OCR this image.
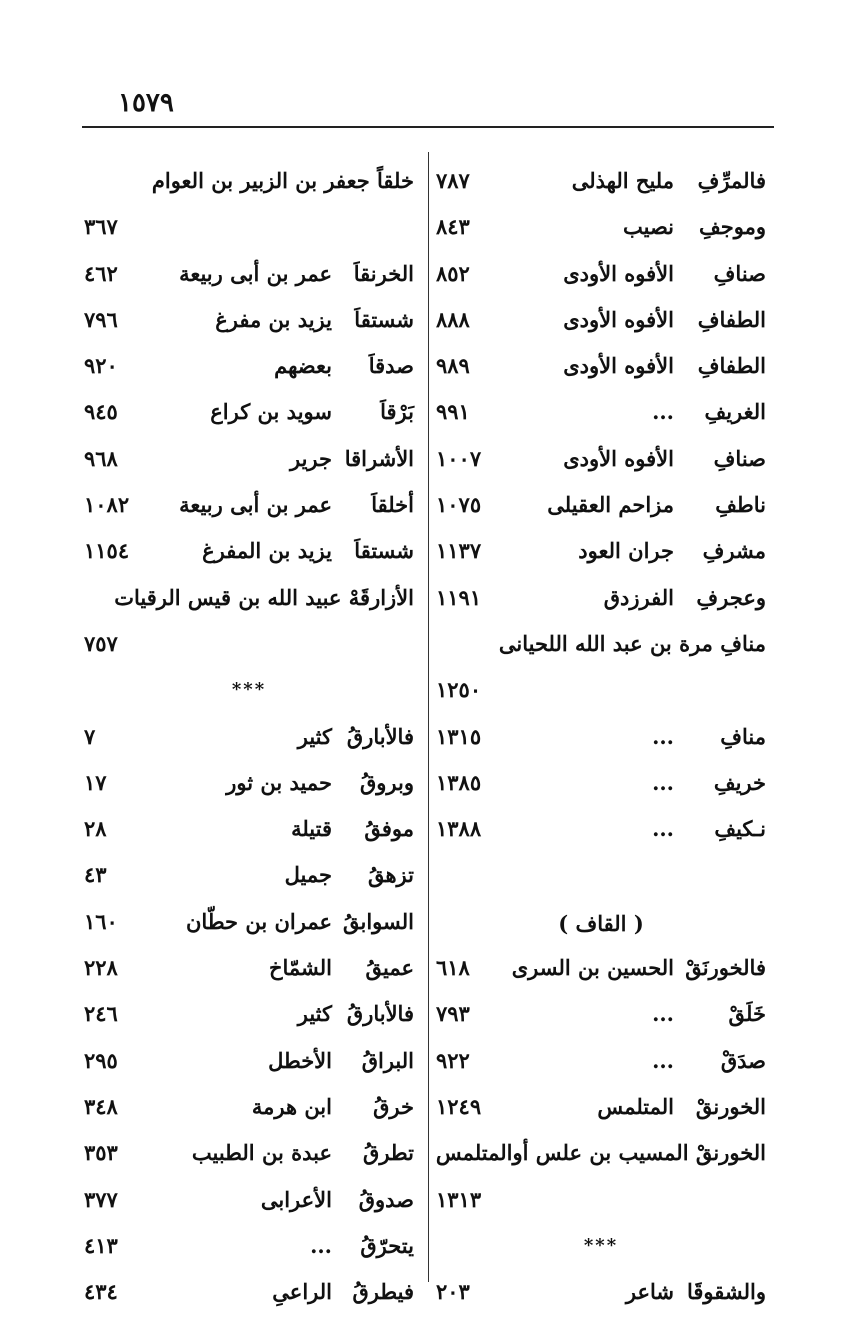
١٥٧٩
فالمرِّفِ
مليح الهذلى
٧٨٧
وموجفِ
نصيب
٨٤٣
صنافِ
الأفوه الأودى
٨٥٢
الطفافِ
الأفوه الأودى
٨٨٨
الطفافِ
الأفوه الأودى
٩٨٩
الغريفِ
...
٩٩١
صنافِ
الأفوه الأودى
١٠٠٧
ناطفِ
مزاحم العقيلى
١٠٧٥
مشرفِ
جران العود
١١٣٧
وعجرفِ
الفرزدق
١١٩١
منافِ مرة بن عبد الله اللحيانى
١٢٥٠
منافِ
...
١٣١٥
خريفِ
...
١٣٨٥
نـكيفِ
...
١٣٨٨
( القاف )
فالخورنَقْ
الحسين بن السرى
٦١٨
خَلَقْ
...
٧٩٣
صدَقْ
...
٩٢٢
الخورنقْ
المتلمس
١٢٤٩
الخورنقْ المسيب بن علس أوالمتلمس
١٣١٣
***
والشقوقَا
شاعر
٢٠٣
خلقاً جعفر بن الزبير بن العوام
٣٦٧
الخرنقاَ
عمر بن أبى ربيعة
٤٦٢
شستقاَ
يزيد بن مفرغ
٧٩٦
صدقاَ
بعضهم
٩٢٠
بَرْقاَ
سويد بن كراع
٩٤٥
الأشراقا
جرير
٩٦٨
أخلقاَ
عمر بن أبى ربيعة
١٠٨٢
شستقاَ
يزيد بن المفرغ
١١٥٤
الأزارقَهْ عبيد الله بن قيس الرقيات
٧٥٧
***
فالأبارقُ
كثير
٧
وبروقُ
حميد بن ثور
١٧
موفقُ
قتيلة
٢٨
تزهقُ
جميل
٤٣
السوابقُ
عمران بن حطّان
١٦٠
عميقُ
الشمّاخ
٢٢٨
فالأبارقُ
كثير
٢٤٦
البراقُ
الأخطل
٢٩٥
خرقُ
ابن هرمة
٣٤٨
تطرقُ
عبدة بن الطبيب
٣٥٣
صدوقُ
الأعرابى
٣٧٧
يتحرّقُ
...
٤١٣
فيطرقُ
الراعىِ
٤٣٤
